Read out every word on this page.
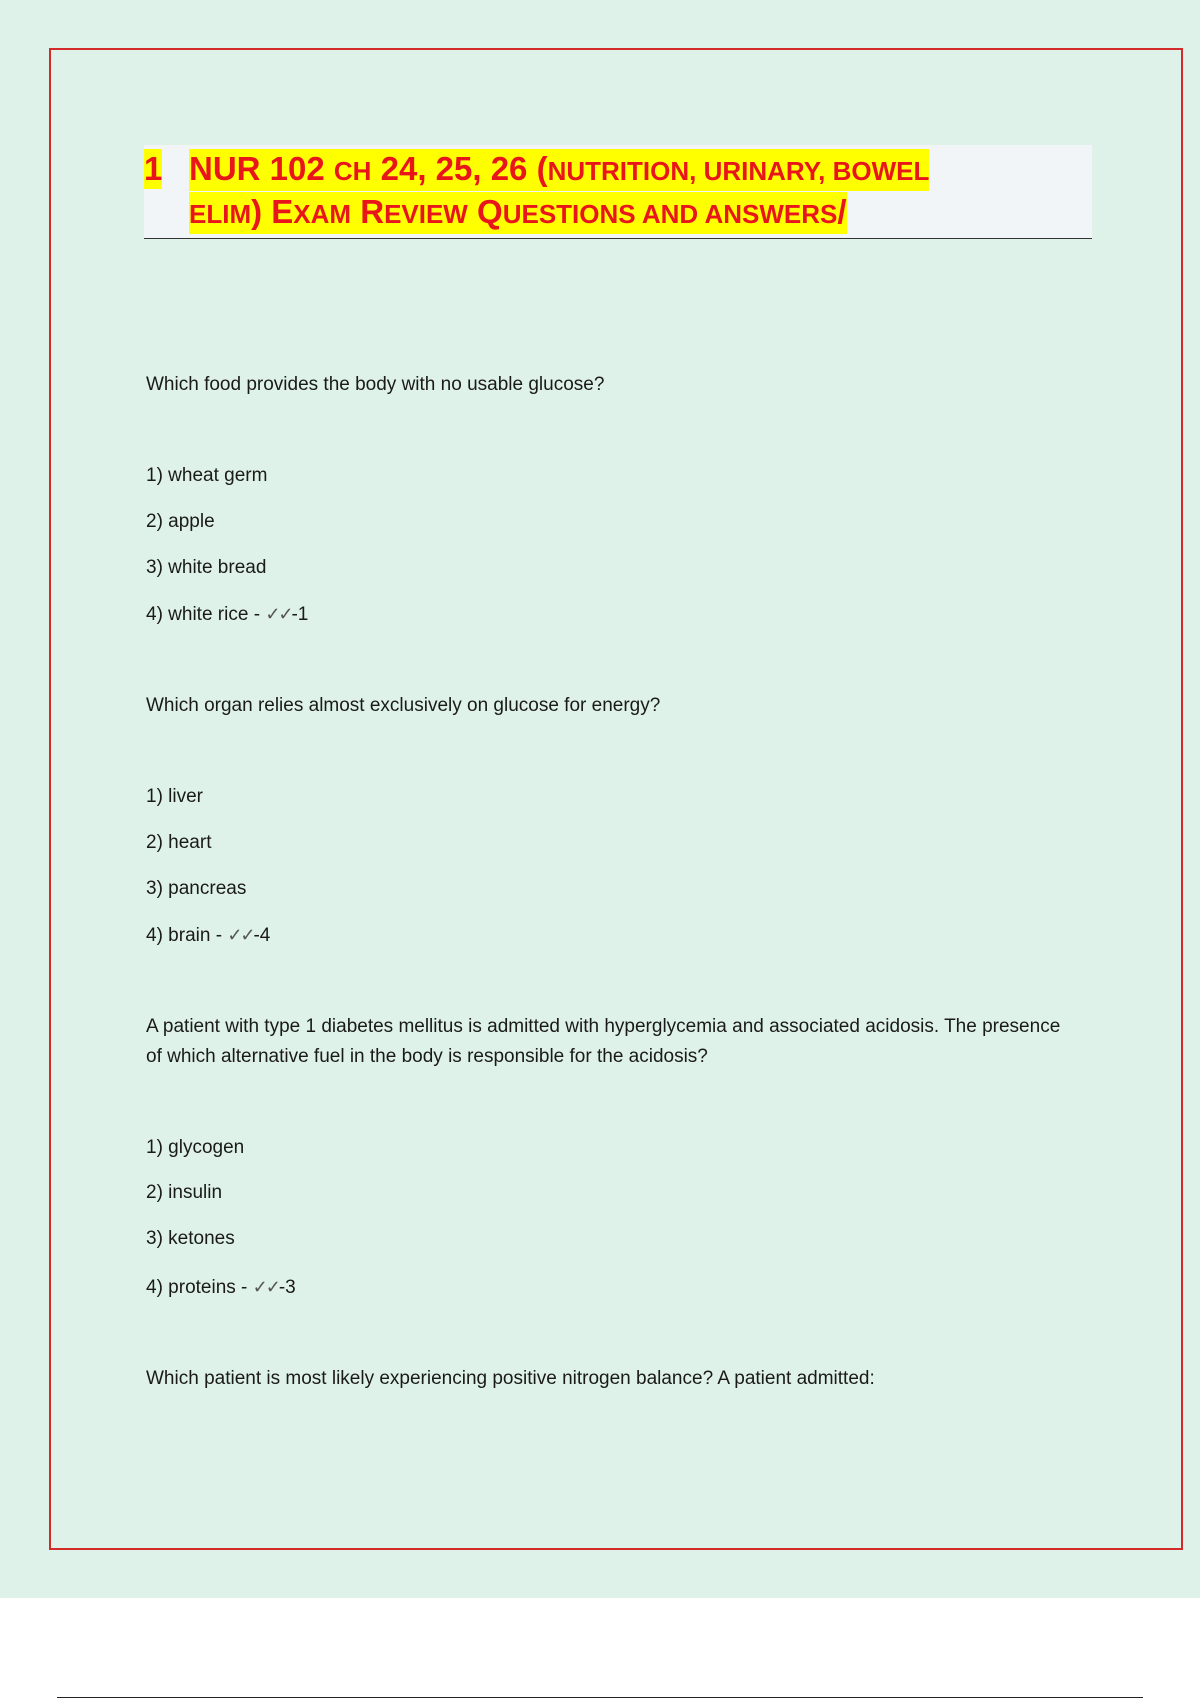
1 NUR 102 CH 24, 25, 26 (NUTRITION, URINARY, BOWEL
ELIM) EXAM REVIEW QUESTIONS AND ANSWERS/
Which food provides the body with no usable glucose?
1) wheat germ
2) apple
3) white bread
4) white rice - ✓✓-1
Which organ relies almost exclusively on glucose for energy?
1) liver
2) heart
3) pancreas
4) brain - ✓✓-4
A patient with type 1 diabetes mellitus is admitted with hyperglycemia and associated acidosis. The presence of which alternative fuel in the body is responsible for the acidosis?
1) glycogen
2) insulin
3) ketones
4) proteins - ✓✓-3
Which patient is most likely experiencing positive nitrogen balance? A patient admitted:
